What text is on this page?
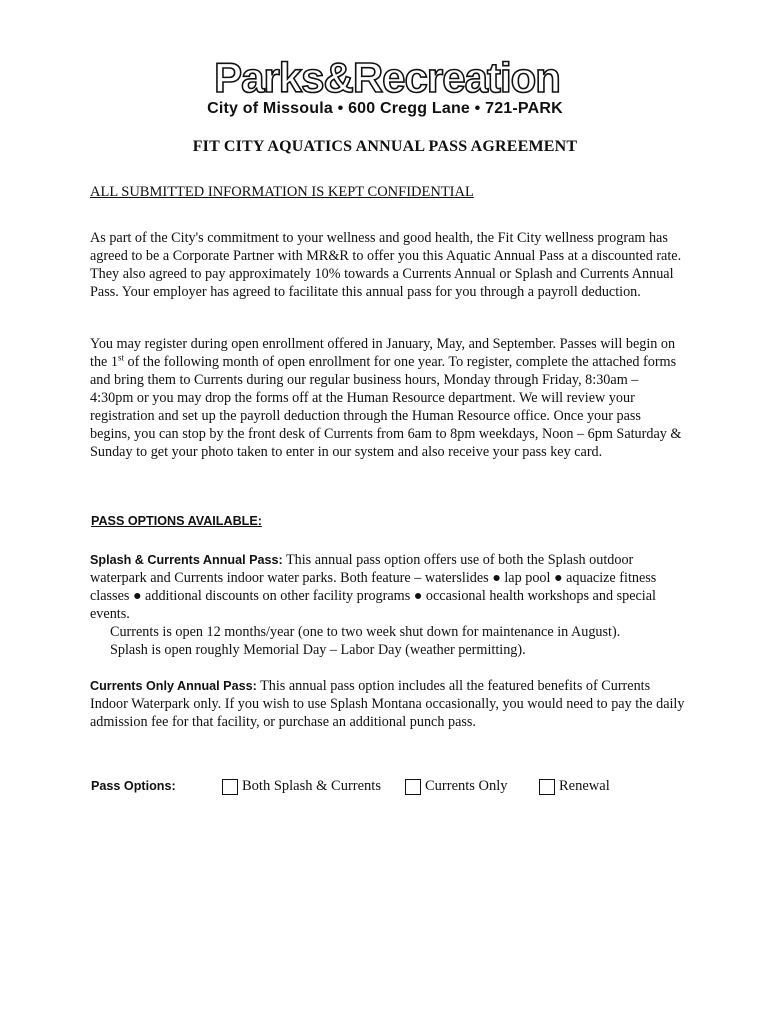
Parks&Recreation
City of Missoula • 600 Cregg Lane • 721-PARK
FIT CITY AQUATICS ANNUAL PASS AGREEMENT
ALL SUBMITTED INFORMATION IS KEPT CONFIDENTIAL
As part of the City's commitment to your wellness and good health, the Fit City wellness program has agreed to be a Corporate Partner with MR&R to offer you this Aquatic Annual Pass at a discounted rate. They also agreed to pay approximately 10% towards a Currents Annual or Splash and Currents Annual Pass. Your employer has agreed to facilitate this annual pass for you through a payroll deduction.
You may register during open enrollment offered in January, May, and September. Passes will begin on the 1st of the following month of open enrollment for one year. To register, complete the attached forms and bring them to Currents during our regular business hours, Monday through Friday, 8:30am – 4:30pm or you may drop the forms off at the Human Resource department. We will review your registration and set up the payroll deduction through the Human Resource office. Once your pass begins, you can stop by the front desk of Currents from 6am to 8pm weekdays, Noon – 6pm Saturday & Sunday to get your photo taken to enter in our system and also receive your pass key card.
PASS OPTIONS AVAILABLE:
Splash & Currents Annual Pass: This annual pass option offers use of both the Splash outdoor waterpark and Currents indoor water parks. Both feature – waterslides ● lap pool ● aquacize fitness classes ● additional discounts on other facility programs ● occasional health workshops and special events.
Currents is open 12 months/year (one to two week shut down for maintenance in August).
Splash is open roughly Memorial Day – Labor Day (weather permitting).
Currents Only Annual Pass: This annual pass option includes all the featured benefits of Currents Indoor Waterpark only. If you wish to use Splash Montana occasionally, you would need to pay the daily admission fee for that facility, or purchase an additional punch pass.
Pass Options:	Both Splash & Currents	Currents Only	Renewal
